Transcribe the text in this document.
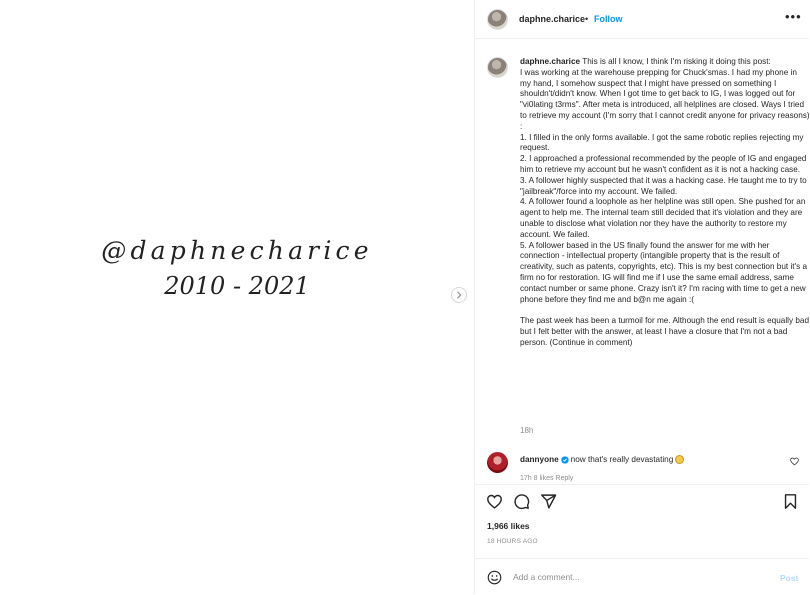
@daphnecharice
2010 - 2021
daphne.charice • Follow	•••

daphne.charice This is all I know, I think I'm risking it doing this post:
I was working at the warehouse prepping for Chuck'smas. I had my phone in my hand, I somehow suspect that I might have pressed on something I shouldn't/didn't know. When I got time to get back to IG, I was logged out for "vi0lating t3rms". After meta is introduced, all helplines are closed. Ways I tried to retrieve my account (I'm sorry that I cannot credit anyone for privacy reasons) :
1. I filled in the only forms available. I got the same robotic replies rejecting my request.
2. I approached a professional recommended by the people of IG and engaged him to retrieve my account but he wasn't confident as it is not a hacking case.
3. A follower highly suspected that it was a hacking case. He taught me to try to "jailbreak"/force into my account. We failed.
4. A follower found a loophole as her helpline was still open. She pushed for an agent to help me. The internal team still decided that it's violation and they are unable to disclose what violation nor they have the authority to restore my account. We failed.
5. A follower based in the US finally found the answer for me with her connection - intellectual property (intangible property that is the result of creativity, such as patents, copyrights, etc). This is my best connection but it's a firm no for restoration. IG will find me if I use the same email address, same contact number or same phone. Crazy isn't it? I'm racing with time to get a new phone before they find me and b@n me again :(

The past week has been a turmoil for me. Although the end result is equally bad but I felt better with the answer, at least I have a closure that I'm not a bad person. (Continue in comment)

18h
dannyone now that's really devastating
17h 8 likes Reply
1,966 likes
18 HOURS AGO
Add a comment...
Post
